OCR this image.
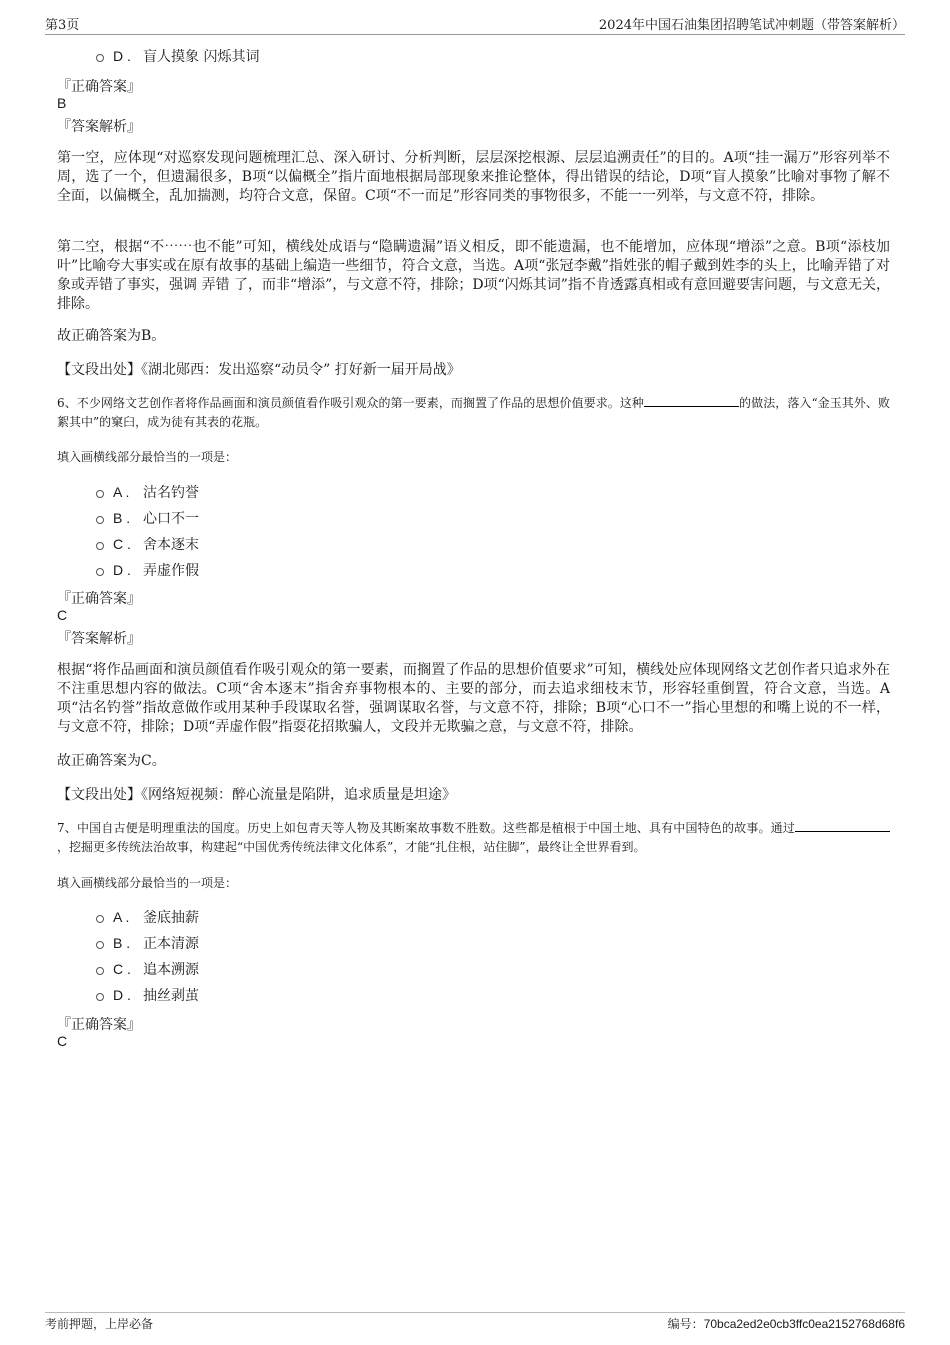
第3页	2024年中国石油集团招聘笔试冲刺题（带答案解析）
D . 盲人摸象 闪烁其词
『正确答案』
B
『答案解析』
第一空，应体现“对巡察发现问题梳理汇总、深入研讨、分析判断，层层深挖根源、层层追溯责任”的目的。A项“挂一漏万”形容列举不周，选了一个，但遗漏很多，B项“以偏概全”指片面地根据局部现象来推论整体，得出错误的结论，D项“盲人摸象”比喻对事物了解不全面，以偏概全，乱加揣测，均符合文意，保留。C项“不一而足”形容同类的事物很多，不能一一列举，与文意不符，排除。
第二空，根据“不⋯⋯也不能”可知，横线处成语与“隐瞒遗漏”语义相反，即不能遗漏，也不能增加，应体现“增添”之意。B项“添枝加叶”比喻夸大事实或在原有故事的基础上编造一些细节，符合文意，当选。A项“张冠李戴”指姓张的帽子戴到姓李的头上，比喻弄错了对象或弄错了事实，强调 弄错 了，而非“增添”，与文意不符，排除；D项“闪烁其词”指不肯透露真相或有意回避要害问题，与文意无关，排除。
故正确答案为B。
【文段出处】《湖北郧西：发出巡察“动员令” 打好新一届开局战》
6、不少网络文艺创作者将作品画面和演员颜值看作吸引观众的第一要素，而搁置了作品的思想价值要求。这种	的做法，落入“金玉其外、败絮其中”的窠臼，成为徒有其表的花瓶。
填入画横线部分最恰当的一项是：
A . 沽名钓誉
B . 心口不一
C . 舍本逐末
D . 弄虚作假
『正确答案』
C
『答案解析』
根据“将作品画面和演员颜值看作吸引观众的第一要素，而搁置了作品的思想价值要求”可知，横线处应体现网络文艺创作者只追求外在不注重思想内容的做法。C项“舍本逐末”指舍弃事物根本的、主要的部分，而去追求细枝末节，形容轻重倒置，符合文意，当选。A项“沽名钓誉”指故意做作或用某种手段谋取名誉，强调谋取名誉，与文意不符，排除；B项“心口不一”指心里想的和嘴上说的不一样，与文意不符，排除；D项“弄虚作假”指耍花招欺骗人，文段并无欺骗之意，与文意不符，排除。
故正确答案为C。
【文段出处】《网络短视频：醉心流量是陷阱，追求质量是坦途》
7、中国自古便是明理重法的国度。历史上如包青天等人物及其断案故事数不胜数。这些都是植根于中国土地、具有中国特色的故事。通过，挖掘更多传统法治故事，构建起“中国优秀传统法律文化体系”，才能“扎住根，站住脚”，最终让全世界看到。
填入画横线部分最恰当的一项是：
A . 釜底抽薪
B . 正本清源
C . 追本溯源
D . 抽丝剥茧
『正确答案』
C
考前押题，上岸必备	编号：70bca2ed2e0cb3ffc0ea2152768d68f6
